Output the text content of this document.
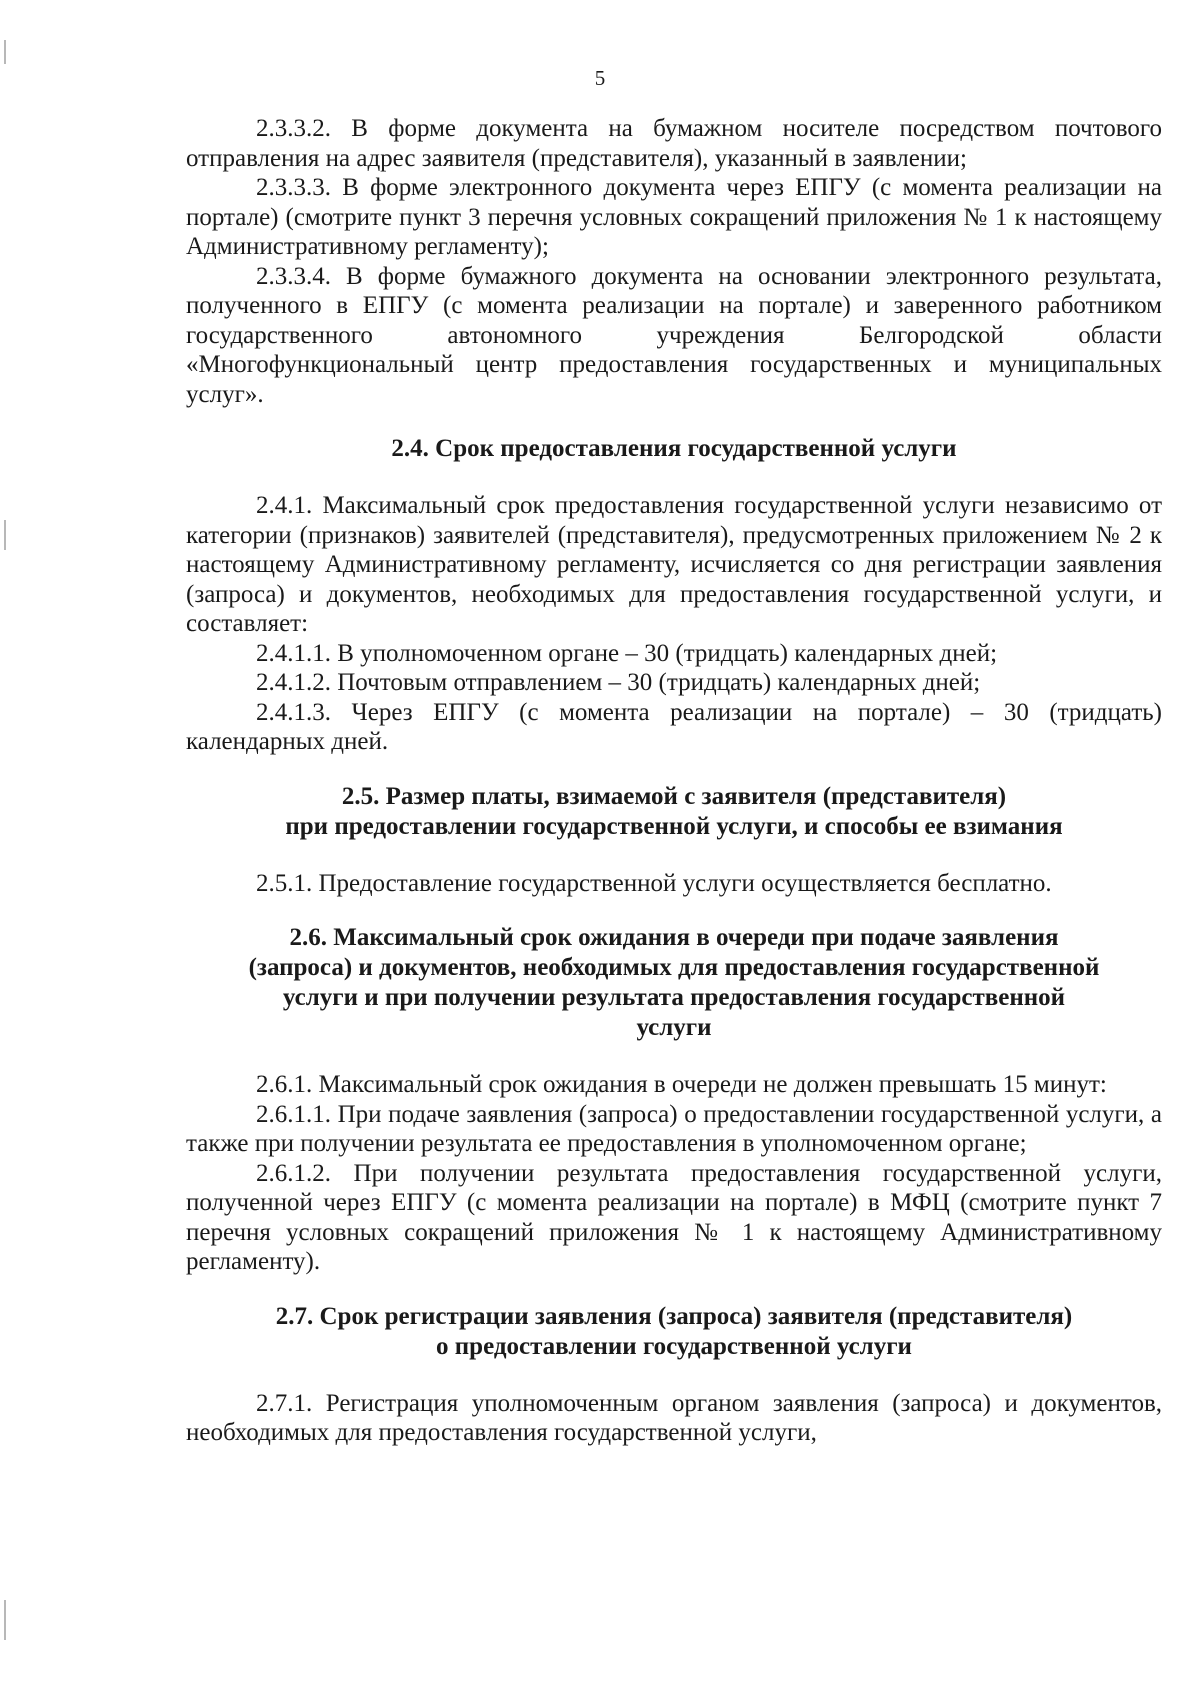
5

2.3.3.2. В форме документа на бумажном носителе посредством почтового отправления на адрес заявителя (представителя), указанный в заявлении;

2.3.3.3. В форме электронного документа через ЕПГУ (с момента реализации на портале) (смотрите пункт 3 перечня условных сокращений приложения № 1 к настоящему Административному регламенту);

2.3.3.4. В форме бумажного документа на основании электронного результата, полученного в ЕПГУ (с момента реализации на портале) и заверенного работником государственного автономного учреждения Белгородской области «Многофункциональный центр предоставления государственных и муниципальных услуг».

2.4. Срок предоставления государственной услуги

2.4.1. Максимальный срок предоставления государственной услуги независимо от категории (признаков) заявителей (представителя), предусмотренных приложением № 2 к настоящему Административному регламенту, исчисляется со дня регистрации заявления (запроса) и документов, необходимых для предоставления государственной услуги, и составляет:

2.4.1.1. В уполномоченном органе – 30 (тридцать) календарных дней;

2.4.1.2. Почтовым отправлением – 30 (тридцать) календарных дней;

2.4.1.3. Через ЕПГУ (с момента реализации на портале) – 30 (тридцать) календарных дней.

2.5. Размер платы, взимаемой с заявителя (представителя)
при предоставлении государственной услуги, и способы ее взимания

2.5.1. Предоставление государственной услуги осуществляется бесплатно.

2.6. Максимальный срок ожидания в очереди при подаче заявления
(запроса) и документов, необходимых для предоставления государственной
услуги и при получении результата предоставления государственной
услуги

2.6.1. Максимальный срок ожидания в очереди не должен превышать 15 минут:

2.6.1.1. При подаче заявления (запроса) о предоставлении государственной услуги, а также при получении результата ее предоставления в уполномоченном органе;

2.6.1.2. При получении результата предоставления государственной услуги, полученной через ЕПГУ (с момента реализации на портале) в МФЦ (смотрите пункт 7 перечня условных сокращений приложения № 1 к настоящему Административному регламенту).

2.7. Срок регистрации заявления (запроса) заявителя (представителя)
о предоставлении государственной услуги

2.7.1. Регистрация уполномоченным органом заявления (запроса) и документов, необходимых для предоставления государственной услуги,
